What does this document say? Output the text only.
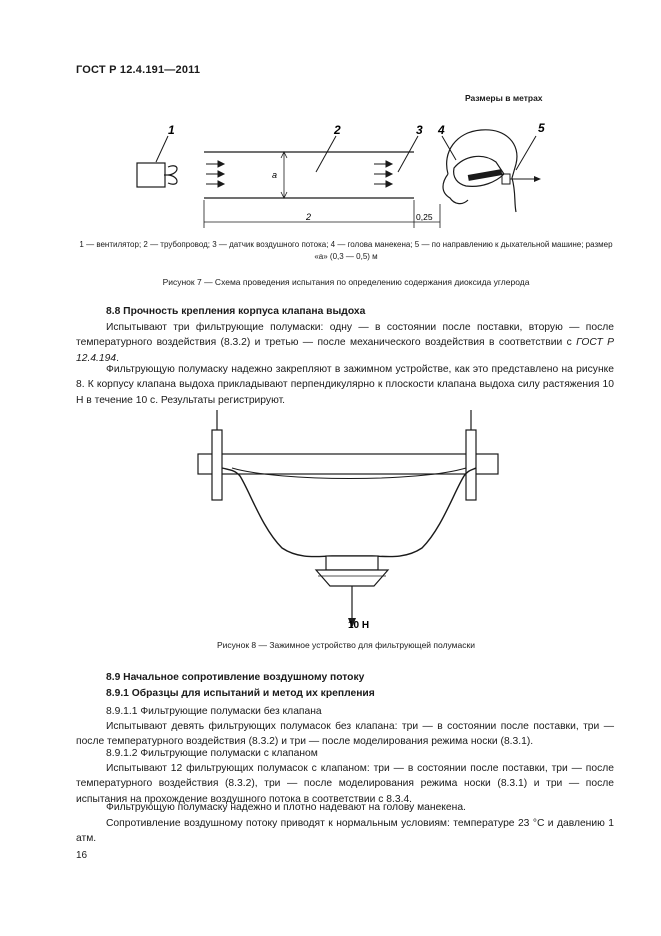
ГОСТ Р 12.4.191—2011
Размеры в метрах
1	2	3 4	5
a
2	0,25
1 — вентилятор; 2 — трубопровод; 3 — датчик воздушного потока; 4 — голова манекена; 5 — по направлению к дыхательной машине; размер «а» (0,3 — 0,5) м
Рисунок 7 — Схема проведения испытания по определению содержания диоксида углерода
8.8 Прочность крепления корпуса клапана выдоха
Испытывают три фильтрующие полумаски: одну — в состоянии после поставки, вторую — после температурного воздействия (8.3.2) и третью — после механического воздействия в соответствии с ГОСТ Р 12.4.194.
Фильтрующую полумаску надежно закрепляют в зажимном устройстве, как это представлено на рисунке 8. К корпусу клапана выдоха прикладывают перпендикулярно к плоскости клапана выдоха силу растяжения 10 Н в течение 10 с. Результаты регистрируют.
10 Н
Рисунок 8 — Зажимное устройство для фильтрующей полумаски
8.9 Начальное сопротивление воздушному потоку
8.9.1 Образцы для испытаний и метод их крепления
8.9.1.1 Фильтрующие полумаски без клапана
Испытывают девять фильтрующих полумасок без клапана: три — в состоянии после поставки, три — после температурного воздействия (8.3.2) и три — после моделирования режима носки (8.3.1).
8.9.1.2 Фильтрующие полумаски с клапаном
Испытывают 12 фильтрующих полумасок с клапаном: три — в состоянии после поставки, три — после температурного воздействия (8.3.2), три — после моделирования режима носки (8.3.1) и три — после испытания на прохождение воздушного потока в соответствии с 8.3.4.
Фильтрующую полумаску надежно и плотно надевают на голову манекена.
Сопротивление воздушному потоку приводят к нормальным условиям: температуре 23 °С и давлению 1 атм.
16
